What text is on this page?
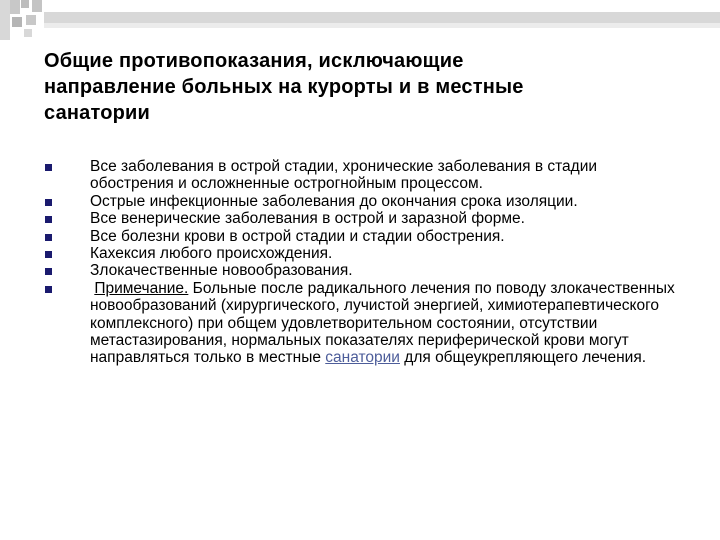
Общие противопоказания, исключающие
направление больных на курорты и в местные
санатории
Все заболевания в острой стадии, хронические заболевания в стадии обострения и осложненные острогнойным процессом.
Острые инфекционные заболевания до окончания срока изоляции.
Все венерические заболевания в острой и заразной форме.
Все болезни крови в острой стадии и стадии обострения.
Кахексия любого происхождения.
Злокачественные новообразования.
Примечание. Больные после радикального лечения по поводу злокачественных новообразований (хирургического, лучистой энергией, химиотерапевтического комплексного) при общем удовлетворительном состоянии, отсутствии метастазирования, нормальных показателях периферической крови могут направляться только в местные санатории для общеукрепляющего лечения.
